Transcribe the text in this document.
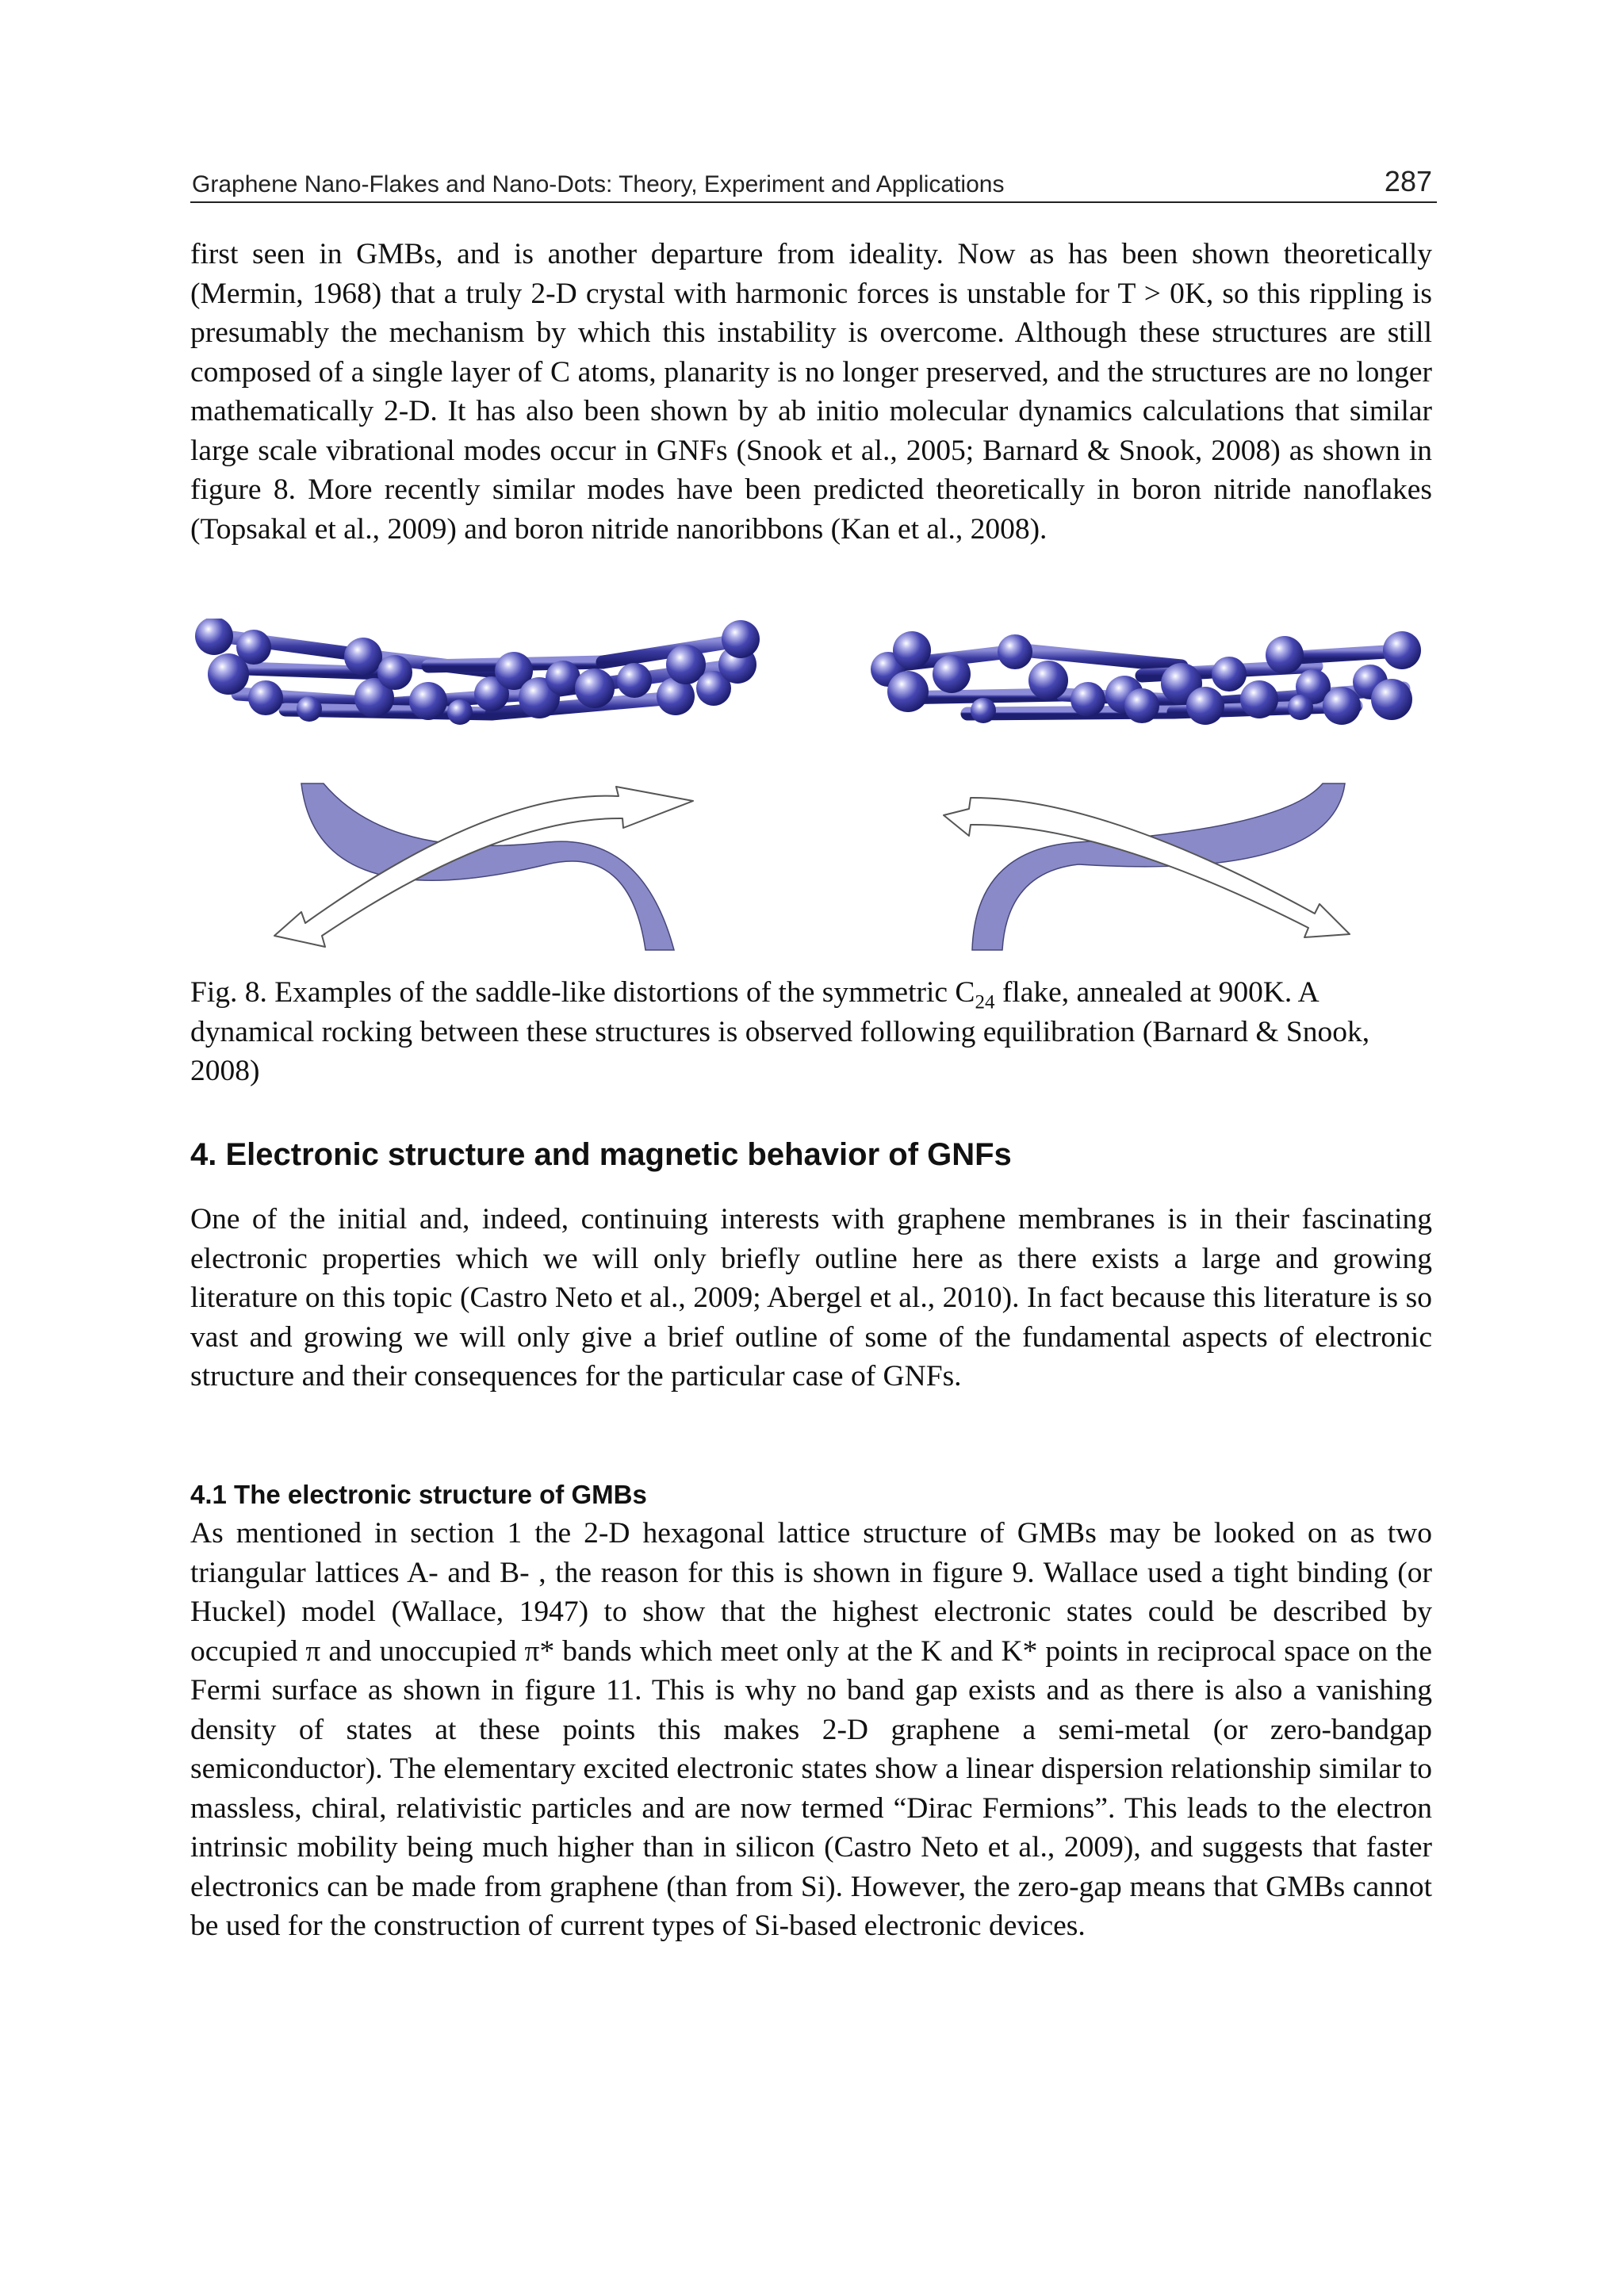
Graphene Nano-Flakes and Nano-Dots: Theory, Experiment and Applications	287

first seen in GMBs, and is another departure from ideality. Now as has been shown theoretically (Mermin, 1968) that a truly 2-D crystal with harmonic forces is unstable for T > 0K, so this rippling is presumably the mechanism by which this instability is overcome. Although these structures are still composed of a single layer of C atoms, planarity is no longer preserved, and the structures are no longer mathematically 2-D. It has also been shown by ab initio molecular dynamics calculations that similar large scale vibrational modes occur in GNFs (Snook et al., 2005; Barnard & Snook, 2008) as shown in figure 8. More recently similar modes have been predicted theoretically in boron nitride nanoflakes (Topsakal et al., 2009) and boron nitride nanoribbons (Kan et al., 2008).

Fig. 8. Examples of the saddle-like distortions of the symmetric $C_{24}$ flake, annealed at 900K. A dynamical rocking between these structures is observed following equilibration (Barnard & Snook, 2008)

4. Electronic structure and magnetic behavior of GNFs

One of the initial and, indeed, continuing interests with graphene membranes is in their fascinating electronic properties which we will only briefly outline here as there exists a large and growing literature on this topic (Castro Neto et al., 2009; Abergel et al., 2010). In fact because this literature is so vast and growing we will only give a brief outline of some of the fundamental aspects of electronic structure and their consequences for the particular case of GNFs.

4.1 The electronic structure of GMBs

As mentioned in section 1 the 2-D hexagonal lattice structure of GMBs may be looked on as two triangular lattices A- and B- , the reason for this is shown in figure 9. Wallace used a tight binding (or Huckel) model (Wallace, 1947) to show that the highest electronic states could be described by occupied π and unoccupied π* bands which meet only at the K and K* points in reciprocal space on the Fermi surface as shown in figure 11. This is why no band gap exists and as there is also a vanishing density of states at these points this makes 2-D graphene a semi-metal (or zero-bandgap semiconductor). The elementary excited electronic states show a linear dispersion relationship similar to massless, chiral, relativistic particles and are now termed “Dirac Fermions”. This leads to the electron intrinsic mobility being much higher than in silicon (Castro Neto et al., 2009), and suggests that faster electronics can be made from graphene (than from Si). However, the zero-gap means that GMBs cannot be used for the construction of current types of Si-based electronic devices.
